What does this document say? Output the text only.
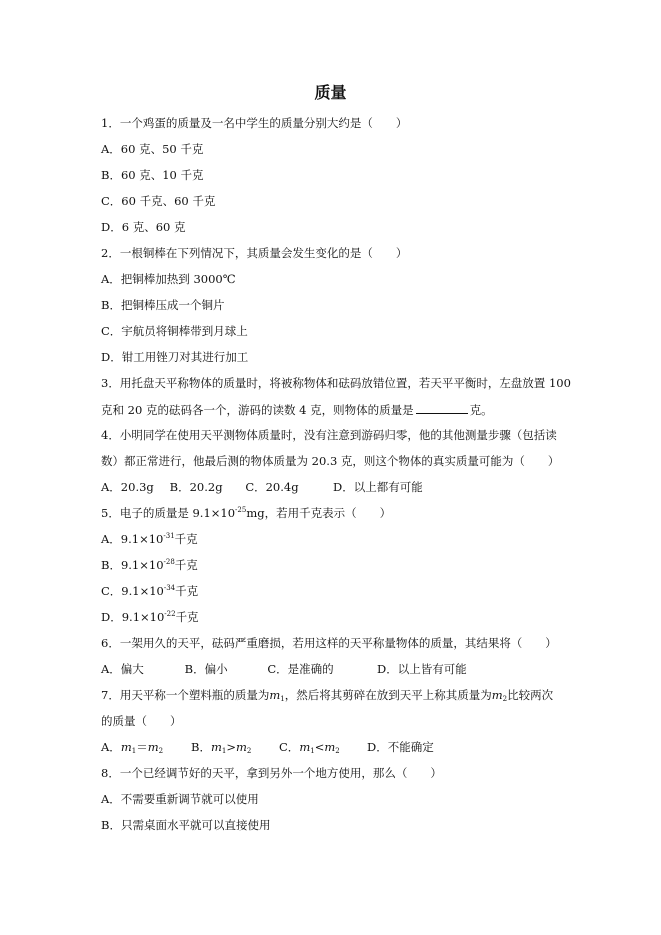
质量
1．一个鸡蛋的质量及一名中学生的质量分别大约是（　　）
A．60 克、50 千克
B．60 克、10 千克
C．60 千克、60 千克
D．6 克、60 克
2．一根铜棒在下列情况下，其质量会发生变化的是（　　）
A．把铜棒加热到 3000℃
B．把铜棒压成一个铜片
C．宇航员将铜棒带到月球上
D．钳工用锉刀对其进行加工
3．用托盘天平称物体的质量时，将被称物体和砝码放错位置，若天平平衡时，左盘放置 100
克和 20 克的砝码各一个，游码的读数 4 克，则物体的质量是	克。
4．小明同学在使用天平测物体质量时，没有注意到游码归零，他的其他测量步骤（包括读
数）都正常进行，他最后测的物体质量为 20.3 克，则这个物体的真实质量可能为（　　）
A．20.3g B．20.2g C．20.4g	D．以上都有可能
5．电子的质量是 $9.1\times 10^{-25}mg$，若用千克表示（　　）
A．$9.1\times 10^{-31}$千克
B．$9.1\times 10^{-28}$千克
C．$9.1\times 10^{-34}$千克
D．$9.1\times 10^{-22}$千克
6．一架用久的天平，砝码严重磨损，若用这样的天平称量物体的质量，其结果将（　　）
A．偏大	B．偏小	C．是准确的	D．以上皆有可能
7．用天平称一个塑料瓶的质量为$m_1$，然后将其剪碎在放到天平上称其质量为$m_2$比较两次
的质量（　　）
A．$m_1=m_2$ B．$m_1>m_2$ C．$m_1<m_2$ D．不能确定
8．一个已经调节好的天平，拿到另外一个地方使用，那么（　　）
A．不需要重新调节就可以使用
B．只需桌面水平就可以直接使用
